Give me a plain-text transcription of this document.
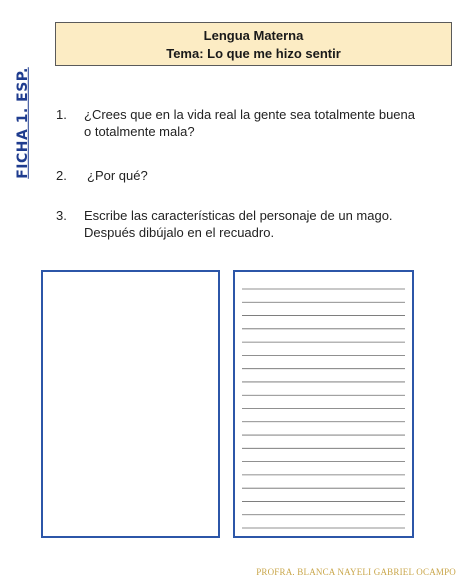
Lengua Materna
Tema: Lo que me hizo sentir
FICHA 1. ESP. 1. ¿Crees que en la vida real la gente sea totalmente buena o totalmente mala?
2. ¿Por qué?
3. Escribe las características del personaje de un mago. Después dibújalo en el recuadro.
PROFRA. BLANCA NAYELI GABRIEL OCAMPO
